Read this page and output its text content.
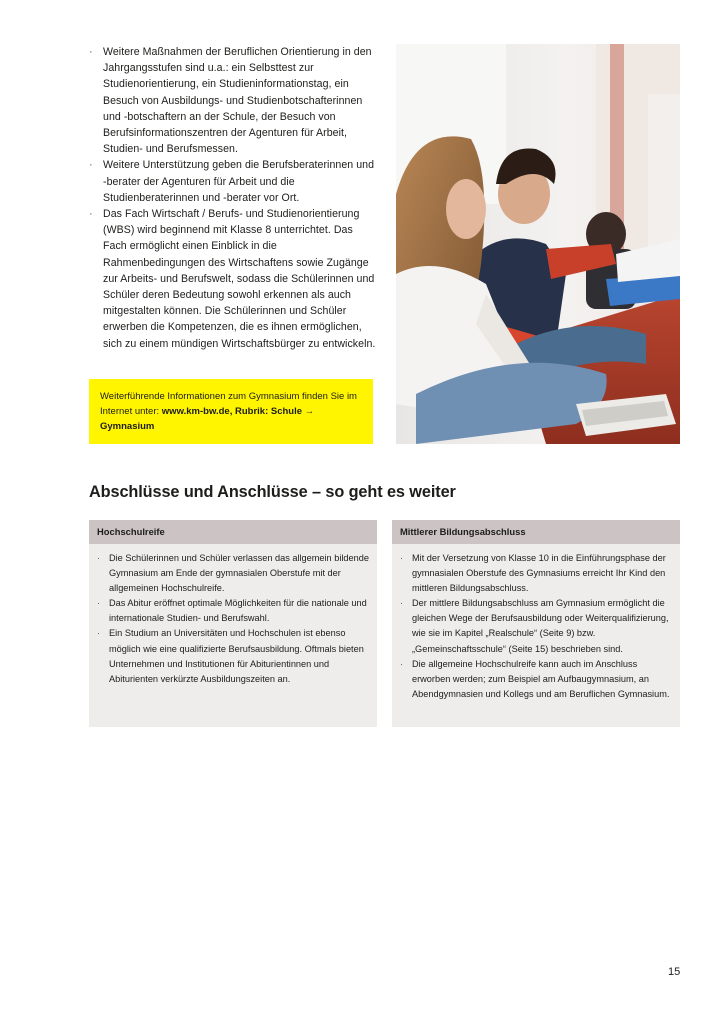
· Weitere Maßnahmen der Beruflichen Orientierung in den Jahrgangsstufen sind u.a.: ein Selbsttest zur Studienorientierung, ein Studieninformationstag, ein Besuch von Ausbildungs- und Studienbotschafterinnen und -botschaftern an der Schule, der Besuch von Berufsinformationszentren der Agenturen für Arbeit, Studien- und Berufsmessen.
· Weitere Unterstützung geben die Berufsberaterinnen und -berater der Agenturen für Arbeit und die Studienberaterinnen und -berater vor Ort.
· Das Fach Wirtschaft / Berufs- und Studienorientierung (WBS) wird beginnend mit Klasse 8 unterrichtet. Das Fach ermöglicht einen Einblick in die Rahmenbedingungen des Wirtschaftens sowie Zugänge zur Arbeits- und Berufswelt, sodass die Schülerinnen und Schüler deren Bedeutung sowohl erkennen als auch mitgestalten können. Die Schülerinnen und Schüler erwerben die Kompetenzen, die es ihnen ermöglichen, sich zu einem mündigen Wirtschaftsbürger zu entwickeln.
Weiterführende Informationen zum Gymnasium finden Sie im Internet unter: www.km-bw.de, Rubrik: Schule → Gymnasium
Abschlüsse und Anschlüsse – so geht es weiter
Hochschulreife
· Die Schülerinnen und Schüler verlassen das allgemein bildende Gymnasium am Ende der gymnasialen Oberstufe mit der allgemeinen Hochschulreife.
· Das Abitur eröffnet optimale Möglichkeiten für die nationale und internationale Studien- und Berufswahl.
· Ein Studium an Universitäten und Hochschulen ist ebenso möglich wie eine qualifizierte Berufsausbildung. Oftmals bieten Unternehmen und Institutionen für Abiturientinnen und Abiturienten verkürzte Ausbildungszeiten an.
Mittlerer Bildungsabschluss
· Mit der Versetzung von Klasse 10 in die Einführungsphase der gymnasialen Oberstufe des Gymnasiums erreicht Ihr Kind den mittleren Bildungsabschluss.
· Der mittlere Bildungsabschluss am Gymnasium ermöglicht die gleichen Wege der Berufsausbildung oder Weiterqualifizierung, wie sie im Kapitel „Realschule“ (Seite 9) bzw. „Gemeinschaftsschule“ (Seite 15) beschrieben sind.
· Die allgemeine Hochschulreife kann auch im Anschluss erworben werden; zum Beispiel am Aufbaugymnasium, an Abendgymnasien und Kollegs und am Beruflichen Gymnasium.
15
